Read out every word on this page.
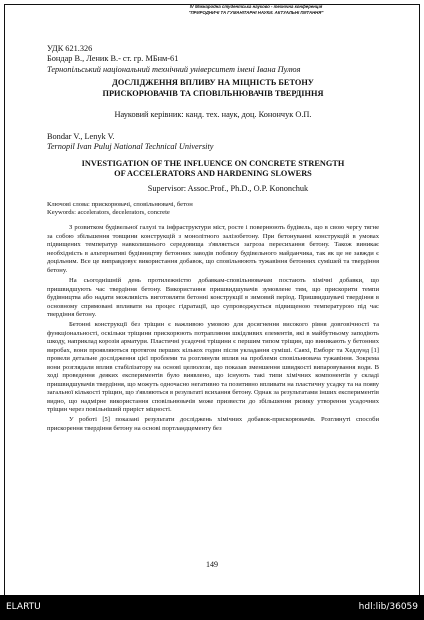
IV Міжнародна студентська науково - технічна конференція
"ПРИРОДНИЧІ ТА ГУМАНІТАРНІ НАУКИ. АКТУАЛЬНІ ПИТАННЯ"

УДК 621.326

Бондар В., Леник В.- ст. гр. МБнм-61

Тернопільський національний технічний університет імені Івана Пулюя

ДОСЛІДЖЕННЯ ВПЛИВУ НА МІЦНІСТЬ БЕТОНУ
ПРИСКОРЮВАЧІВ ТА СПОВІЛЬНЮВАЧІВ ТВЕРДІННЯ

Науковий керівник: канд. тех. наук, доц. Конончук О.П.

Bondar V., Lenyk V.

Ternopil Ivan Puluj National Technical University

INVESTIGATION OF THE INFLUENCE ON CONCRETE STRENGTH
OF ACCELERATORS AND HARDENING SLOWERS

Supervisor: Assoc.Prof., Ph.D., O.P. Kononchuk

Ключові слова: прискорювачі, сповільнювачі, бетон
Keywords: accelerators, decelerators, concrete

З розвитком будівельної галузі та інфраструктури міст, росте і повернюють будівель, що в свою чергу тягне за собою збільшення товщини конструкцій з монолітного залізобетону. При бетонуванні конструкцій в умовах підвищених температур навколишнього середовища з'являється загроза пересихання бетону. Також виникає необхідність в альтернативі будівництву бетонних заводів поблизу будівельного майданчика, так як це не завжди є доцільним. Все це виправдовує використання добавок, що сповільнюють тужавіння бетонних сумішей та твердіння бетону.

На сьогоднішній день протилежністю добавкам-сповільнювачам постають хімічні добавки, що пришвидшують час твердіння бетону. Використання пришвидшувачів зумовлене тим, що прискорити темпи будівництва або надати можливість виготовляти бетонні конструкції в зимовий період. Пришвидшувачі твердіння в основному спрямовані впливати на процес гідратації, що супроводжується підвищеною температурою під час твердіння бетону.

Бетонні конструкції без тріщин є важливою умовою для досягнення високого рівня довговічності та функціональності, оскільки тріщини прискорюють потрапляння шкідливих елементів, які в майбутньому заподіють шкоду, наприклад корозія арматури. Пластичні усадочні тріщини є першим типом тріщин, що виникають у бетонних виробах, вони проявляються протягом перших кількох годин після укладання суміші. Саяхі, Емборг та Хедлунд [1] провели детальне дослідження цієї проблеми та розглянули вплив на проблеми сповільнювача тужавіння. Зокрема вони розглядали вплив стабілізатору на основі целюлози, що показав зменшення швидкості випаровування води. В ході проведення деяких експериментів було виявлено, що існують такі типи хімічних компонентів у складі пришвидшувачів твердіння, що можуть одночасно негативно та позитивно впливати на пластичну усадку та на появу загальної кількості тріщин, що з'являються в результаті всихання бетону. Однак за результатами інших експериментів видно, що надмірне використання сповільнювачів може призвести до збільшення ризику утворення усадочних тріщин через повільніший приріст міцності.

У роботі [5] показані результати досліджень хімічних добавок-прискорювачів. Розглянуті способи прискорення твердіння бетону на основі портландцементу без

149
ELARTU	hdl:lib/36059
